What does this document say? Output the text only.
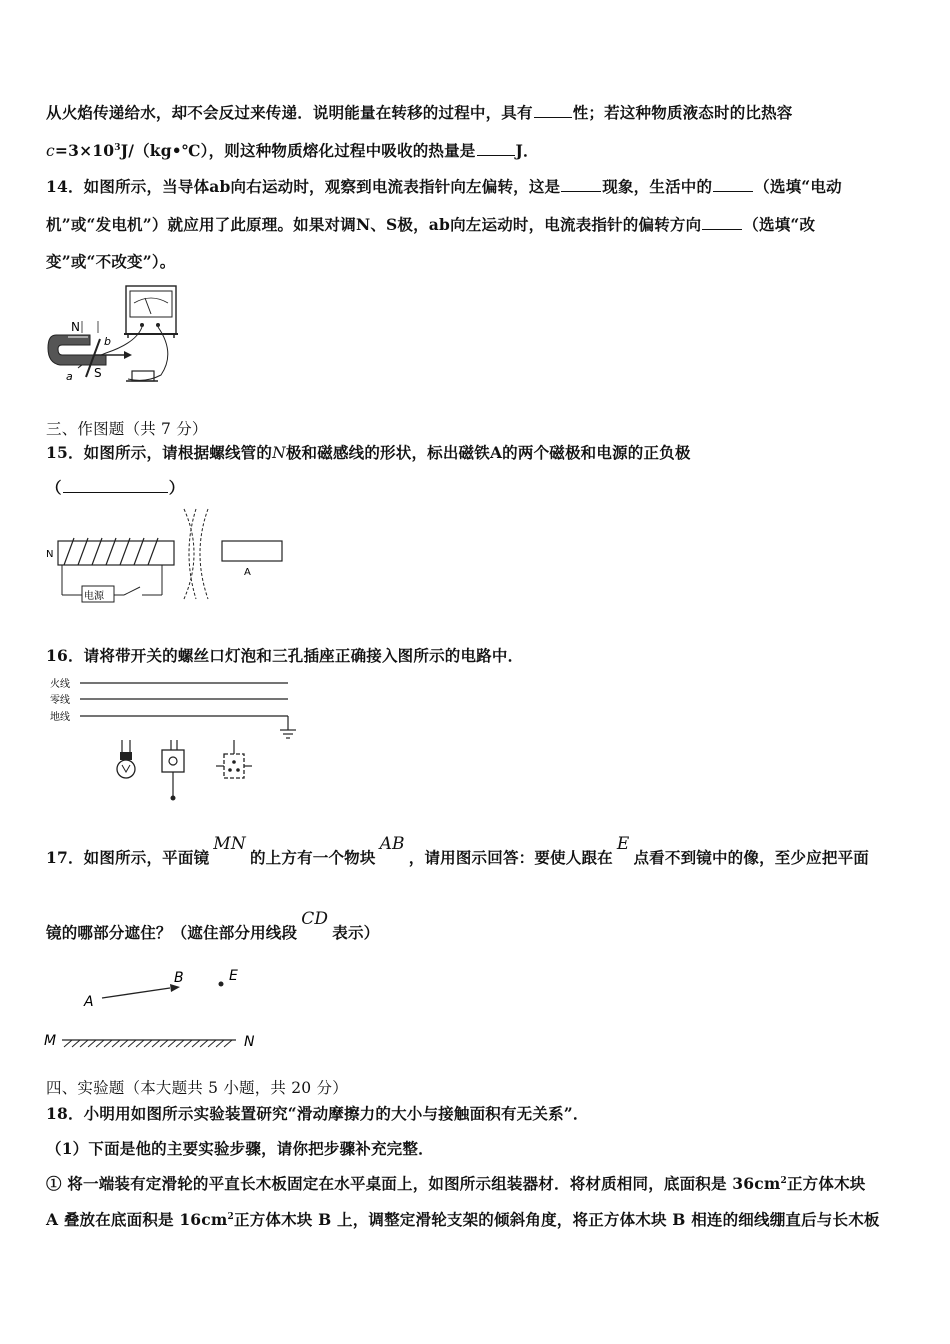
从火焰传递给水，却不会反过来传递．说明能量在转移的过程中，具有	性；若这种物质液态时的比热容
$c=3\times 10^3J/(kg•℃)$，则这种物质熔化过程中吸收的热量是	J．
14．如图所示，当导体ab向右运动时，观察到电流表指针向左偏转，这是	现象，生活中的	（选填“电动
机”或“发电机”）就应用了此原理。如果对调N、S极，ab向左运动时，电流表指针的偏转方向	（选填“改
变”或“不改变”）。
N
S
a
b
三、作图题（共 7 分）
15．如图所示，请根据螺线管的N极和磁感线的形状，标出磁铁A的两个磁极和电源的正负极
（	）
电源
N
A
16．请将带开关的螺丝口灯泡和三孔插座正确接入图所示的电路中．
火线
零线
地线
17．如图所示，平面镜MN的上方有一个物块AB，请用图示回答：要使人跟在E点看不到镜中的像，至少应把平面
镜的哪部分遮住？（遮住部分用线段CD表示）
A
B	E
M	N
四、实验题（本大题共 5 小题，共 20 分）
18．小明用如图所示实验装置研究“滑动摩擦力的大小与接触面积有无关系”．
（1）下面是他的主要实验步骤，请你把步骤补充完整．
① 将一端装有定滑轮的平直长木板固定在水平桌面上，如图所示组装器材．将材质相同，底面积是 $36cm^2$正方体木块
A 叠放在底面积是 $16cm^2$正方体木块 B 上，调整定滑轮支架的倾斜角度，将正方体木块 B 相连的细线绷直后与长木板
